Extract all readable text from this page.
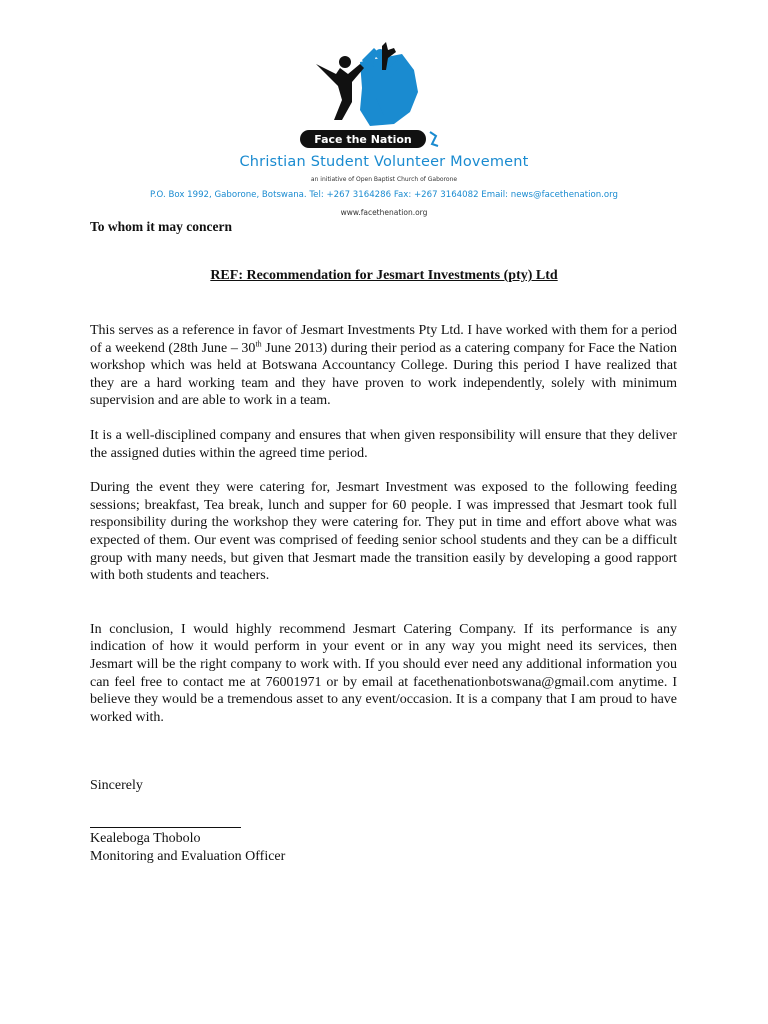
Face the Nation
Christian Student Volunteer Movement
an initiative of Open Baptist Church of Gaborone
P.O. Box 1992, Gaborone, Botswana. Tel: +267 3164286 Fax: +267 3164082 Email: news@facethenation.org
www.facethenation.org

To whom it may concern

REF: Recommendation for Jesmart Investments (pty) Ltd

This serves as a reference in favor of Jesmart Investments Pty Ltd. I have worked with them for a period of a weekend (28th June – 30th June 2013) during their period as a catering company for Face the Nation workshop which was held at Botswana Accountancy College. During this period I have realized that they are a hard working team and they have proven to work independently, solely with minimum supervision and are able to work in a team.

It is a well-disciplined company and ensures that when given responsibility will ensure that they deliver the assigned duties within the agreed time period.

During the event they were catering for, Jesmart Investment was exposed to the following feeding sessions; breakfast, Tea break, lunch and supper for 60 people. I was impressed that Jesmart took full responsibility during the workshop they were catering for. They put in time and effort above what was expected of them. Our event was comprised of feeding senior school students and they can be a difficult group with many needs, but given that Jesmart made the transition easily by developing a good rapport with both students and teachers.

In conclusion, I would highly recommend Jesmart Catering Company. If its performance is any indication of how it would perform in your event or in any way you might need its services, then Jesmart will be the right company to work with. If you should ever need any additional information you can feel free to contact me at 76001971 or by email at facethenationbotswana@gmail.com anytime. I believe they would be a tremendous asset to any event/occasion. It is a company that I am proud to have worked with.

Sincerely

Kealeboga Thobolo

Monitoring and Evaluation Officer
